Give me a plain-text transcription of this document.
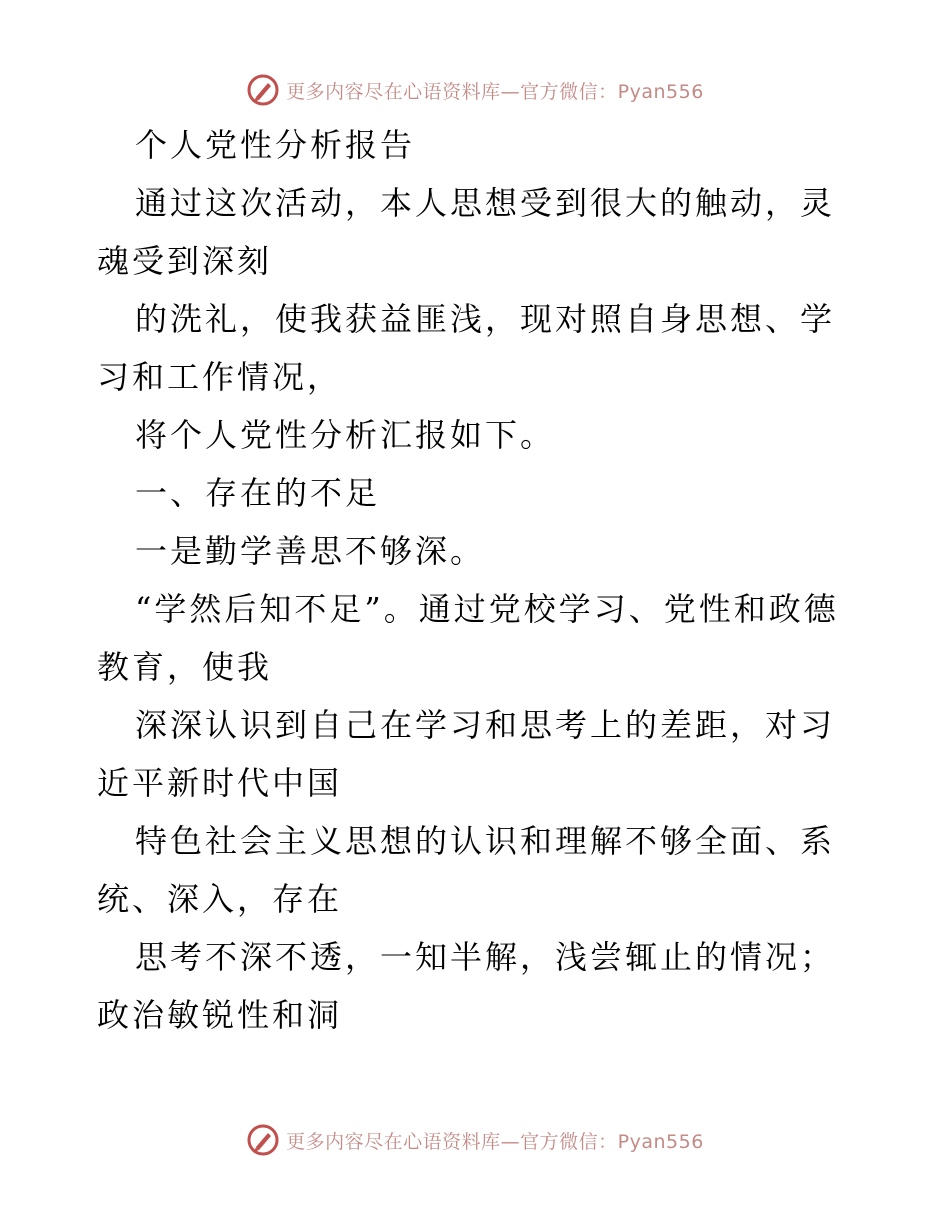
更多内容尽在心语资料库—官方微信：Pyan556

个人党性分析报告

通过这次活动，本人思想受到很大的触动，灵魂受到深刻

的洗礼，使我获益匪浅，现对照自身思想、学习和工作情况，

将个人党性分析汇报如下。

一、存在的不足

一是勤学善思不够深。

“学然后知不足”。通过党校学习、党性和政德教育，使我

深深认识到自己在学习和思考上的差距，对习近平新时代中国

特色社会主义思想的认识和理解不够全面、系统、深入，存在

思考不深不透，一知半解，浅尝辄止的情况；政治敏锐性和洞

更多内容尽在心语资料库—官方微信：Pyan556
